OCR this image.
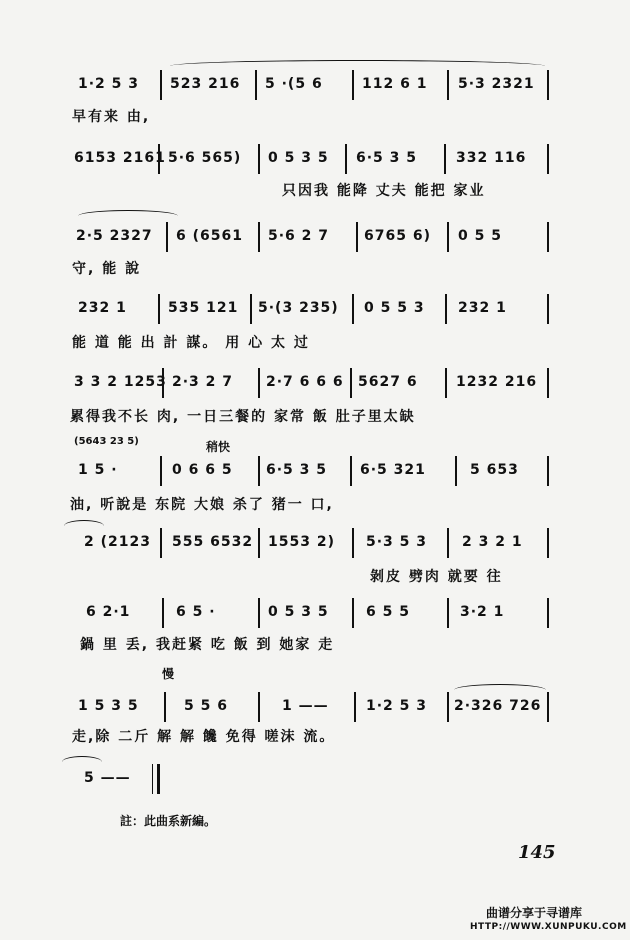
1·2 5 3 523 216 5 ·(5 6	112 6 1 5·3 2321
早有来 由,
6153 2161 5·6 565) 0 5 3 5 6·5 3 5	332 116
只因我 能降 丈夫 能把 家业
2·5 2327 6 (6561 5·6 2 7 6765 6) 0 5 5
守, 能 說
232 1	535 121 5·(3 235) 0 5 5 3 232 1
能 道 能 出 計 謀。 用 心 太 过
3 3 2 1253 2·3 2 7 2·7 6 6 6 5627 6	1232 216
累得我不长 肉, 一日三餐的 家常 飯 肚子里太缺
(5643 23 5)	稍快
1 5 ·	0 6 6 5 6·5 3 5 6·5 321	5 653
油, 听說是 东院 大娘 杀了 猪一 口,
2 (2123 555 6532 1553 2) 5·3 5 3 2 3 2 1
剝皮 劈肉 就要 往
6 2·1	6 5 ·	0 5 3 5	6 5 5	3·2 1
鍋 里 丢, 我赶紧 吃 飯 到 她家 走
慢
1 5 3 5	5 5 6	1 ——	1·2 5 3 2·326 726
走,除 二斤 解 解 饞 免得 嗟沫 流。
5 ——
註：此曲系新編。
145
曲谱分享于寻谱库
HTTP://WWW.XUNPUKU.COM
